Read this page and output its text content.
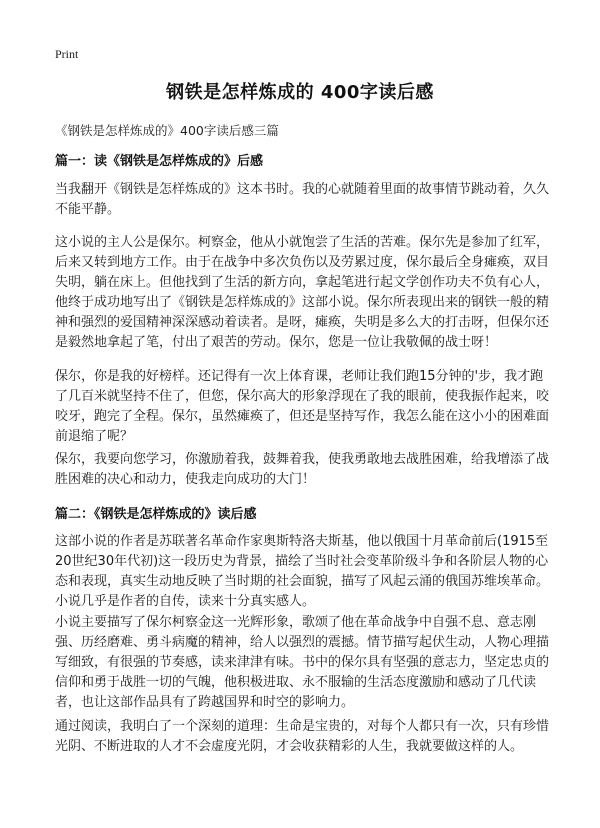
Print
钢铁是怎样炼成的 400字读后感
《钢铁是怎样炼成的》400字读后感三篇
篇一：读《钢铁是怎样炼成的》后感

当我翻开《钢铁是怎样炼成的》这本书时。我的心就随着里面的故事情节跳动着，久久不能平静。

这小说的主人公是保尔。柯察金，他从小就饱尝了生活的苦难。保尔先是参加了红军，后来又转到地方工作。由于在战争中多次负伤以及劳累过度，保尔最后全身瘫痪，双目失明，躺在床上。但他找到了生活的新方向，拿起笔进行起文学创作功夫不负有心人，他终于成功地写出了《钢铁是怎样炼成的》这部小说。保尔所表现出来的钢铁一般的精神和强烈的爱国精神深深感动着读者。是呀，瘫痪，失明是多么大的打击呀，但保尔还是毅然地拿起了笔，付出了艰苦的劳动。保尔，您是一位让我敬佩的战士呀！

保尔，你是我的好榜样。还记得有一次上体育课，老师让我们跑15分钟的'步，我才跑了几百米就坚持不住了，但您，保尔高大的形象浮现在了我的眼前，使我振作起来，咬咬牙，跑完了全程。保尔，虽然瘫痪了，但还是坚持写作，我怎么能在这小小的困难面前退缩了呢？

保尔，我要向您学习，你激励着我，鼓舞着我，使我勇敢地去战胜困难，给我增添了战胜困难的决心和动力，使我走向成功的大门！

篇二：《钢铁是怎样炼成的》读后感

这部小说的作者是苏联著名革命作家奥斯特洛夫斯基，他以俄国十月革命前后(1915至20世纪30年代初)这一段历史为背景，描绘了当时社会变革阶级斗争和各阶层人物的心态和表现，真实生动地反映了当时期的社会面貌，描写了风起云涌的俄国苏维埃革命。小说几乎是作者的自传，读来十分真实感人。

小说主要描写了保尔柯察金这一光辉形象，歌颂了他在革命战争中自强不息、意志刚强、历经磨难、勇斗病魔的精神，给人以强烈的震撼。情节描写起伏生动，人物心理描写细致，有很强的节奏感，读来津津有味。书中的保尔具有坚强的意志力，坚定忠贞的信仰和勇于战胜一切的气魄，他积极进取、永不服输的生活态度激励和感动了几代读者，也让这部作品具有了跨越国界和时空的影响力。

通过阅读，我明白了一个深刻的道理：生命是宝贵的，对每个人都只有一次，只有珍惜光阴、不断进取的人才不会虚度光阴，才会收获精彩的人生，我就要做这样的人。
